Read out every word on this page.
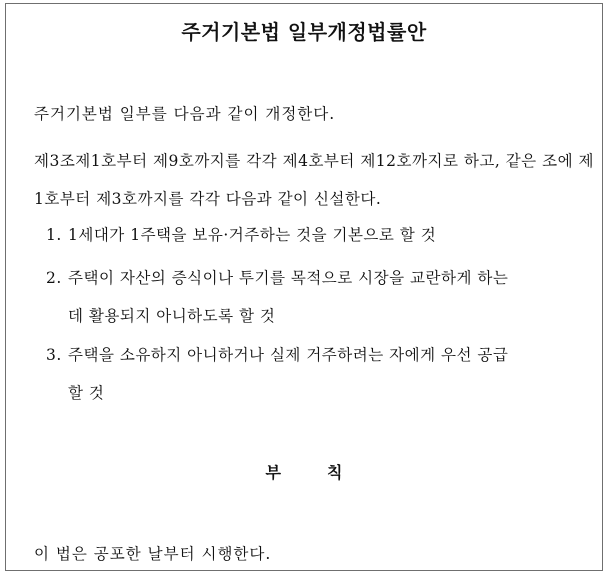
주거기본법 일부개정법률안
주거기본법 일부를 다음과 같이 개정한다.
제3조제1호부터 제9호까지를 각각 제4호부터 제12호까지로 하고, 같은 조에 제1호부터 제3호까지를 각각 다음과 같이 신설한다.
1. 1세대가 1주택을 보유·거주하는 것을 기본으로 할 것
2. 주택이 자산의 증식이나 투기를 목적으로 시장을 교란하게 하는
데 활용되지 아니하도록 할 것
3. 주택을 소유하지 아니하거나 실제 거주하려는 자에게 우선 공급
할 것
부칙
이 법은 공포한 날부터 시행한다.
